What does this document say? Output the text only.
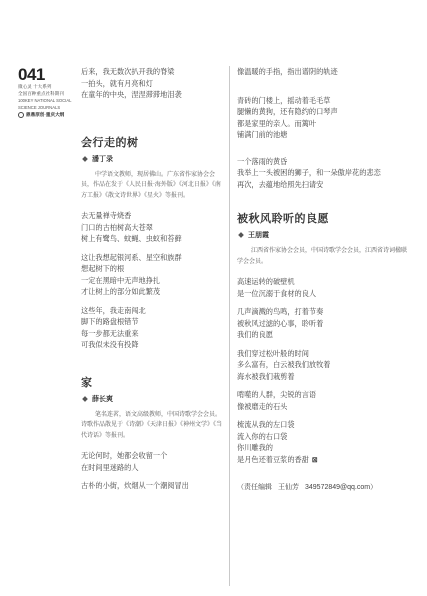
041
微心灵 十大系列
全国百种重点社科期刊
100KEY NATIONAL SOCIAL
SCIENCE JOURNALS
鼎鼎原创·重庆大纲
后来，我无数次扒开我的脊梁
一拍头，就有月亮和灯
在童年的中央，涅涅滞滞地泪袭
会行走的树
潘丁录

中学语文教师，现居佛山。广东省作家协会会员，作品在发于《人民日报·海外版》《河北日报》《南方工报》《散文诗世界》《星火》等报刊。

去无量禅寺烧香
门口的古柏树高大苍翠
树上有鹭鸟、蚊蝇、虫蚁和苔藓
这让我想起银河系、星空和族群
想起树下的根
一定在黑暗中无声地挣扎
才让树上的部分如此繁茂
这些年，我走南闯北
脚下的路盘根错节
每一步都无法重来
可我似未没有投降
家
薛长爽

笔名连茗，语文高级教师，中国诗歌学会会员。诗歌作品散见于《诗潮》《天津日报》《神州文学》《当代诗话》等报刊。

无论何时，她都会收留一个
在时间里迷路的人
古朴的小街，炊烟从一个潮阅冒出
像温暖的手指，指出谱阴的轨迹
青砖的门楼上，摇动着毛毛草
腿懒的黄狗，还有隐约的口琴声
都是家里的亲人。而篱叶
铺满门前的池塘
一个落雨的黄昏
我举上一头被困的狮子，和一朵傲岸花的悲恋
再次，去蕴地给照先扫请安
被秋风聆听的良愿
王朋霞

江西省作家协会会员，中国诗歌学会会员，江西省诗词楹联学会会员。

高速运转的破壁机
是一位沉溺于食材的良人
几声滴溅的鸟鸣，打着节奏
被秋风过滤的心事，聆听着
我们的良愿
我们穿过松叶般的时间
多么富有，白云被我们放牧着
海水被我们栽剪着
啃噬的人群，尖锐的言语
像被磨走的石头
梳流从我的左口袋
流入你的右口袋
你川雕我的
是月色还着豆浆的香甜 ⊠
（责任编辑 王仙芳 349572849@qq.com）
